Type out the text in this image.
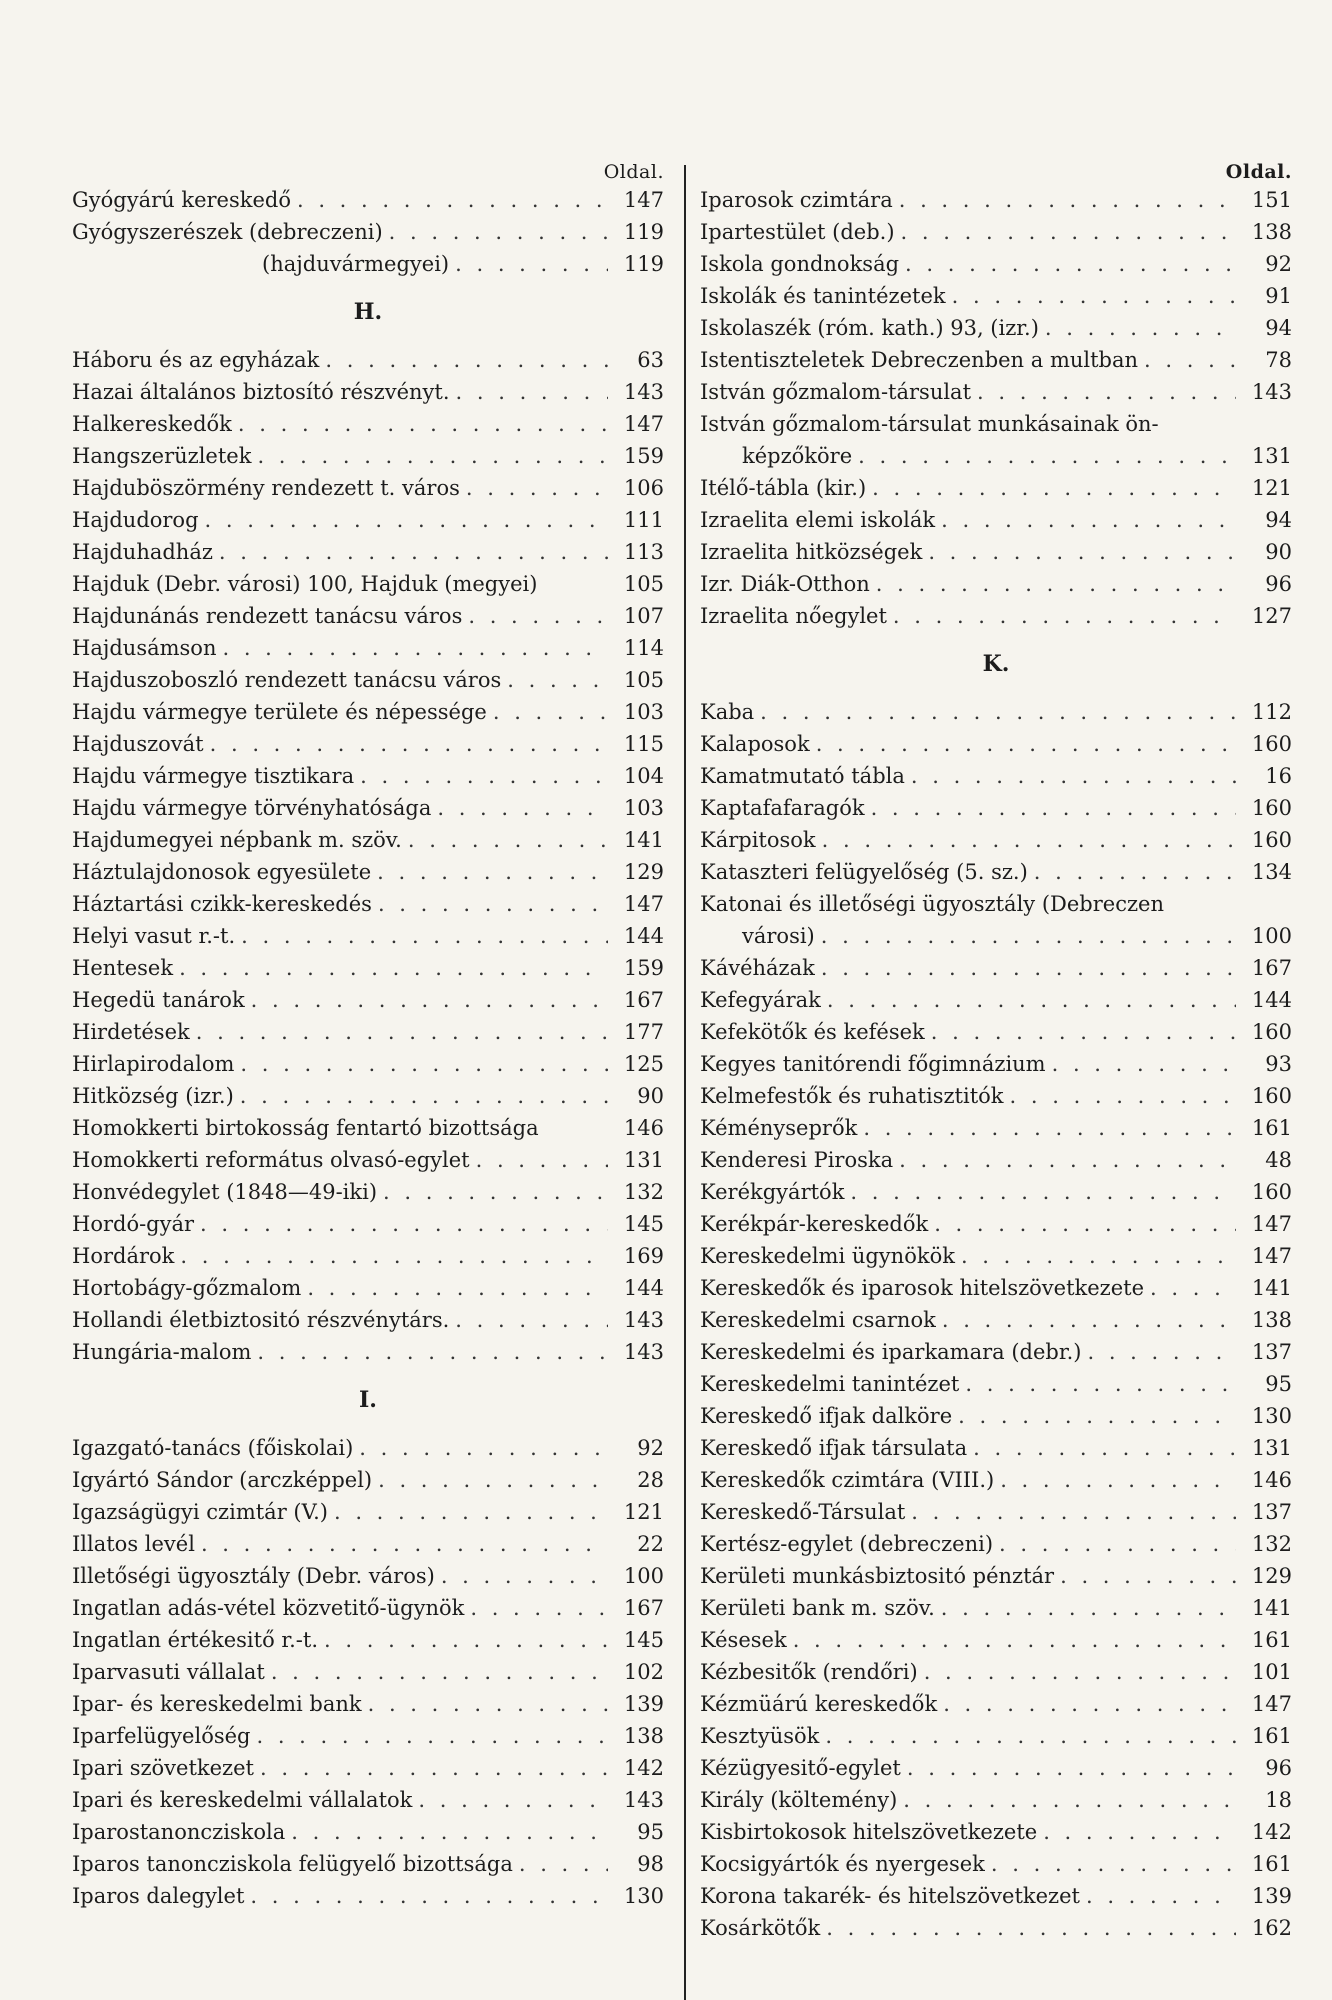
Oldal.
Gyógyárú kereskedő . . .	147
Gyógyszerészek (debreczeni) . . .	119
(hajduvármegyei) . . .	119
H.
Háboru és az egyházak . . .	63
Hazai általános biztosító részvényt. . . .	143
Halkereskedők . . .	147
Hangszerüzletek . . .	159
Hajduböszörmény rendezett t. város . . .	106
Hajdudorog . . .	111
Hajduhadház . . .	113
Hajduk (Debr. városi) 100, Hajduk (megyei)	105
Hajdunánás rendezett tanácsu város . . .	107
Hajdusámson . . .	114
Hajduszoboszló rendezett tanácsu város . . .	105
Hajdu vármegye területe és népessége . . .	103
Hajduszovát . . .	115
Hajdu vármegye tisztikara . . .	104
Hajdu vármegye törvényhatósága . . .	103
Hajdumegyei népbank m. szöv. . . .	141
Háztulajdonosok egyesülete . . .	129
Háztartási czikk-kereskedés . . .	147
Helyi vasut r.-t. . . .	144
Hentesek . . .	159
Hegedü tanárok . . .	167
Hirdetések . . .	177
Hirlapirodalom . . .	125
Hitközség (izr.) . . .	90
Homokkerti birtokosság fentartó bizottsága	146
Homokkerti református olvasó-egylet . . .	131
Honvédegylet (1848—49-iki) . . .	132
Hordó-gyár . . .	145
Hordárok . . .	169
Hortobágy-gőzmalom . . .	144
Hollandi életbiztositó részvénytárs. . . .	143
Hungária-malom . . .	143
I.
Igazgató-tanács (főiskolai) . . .	92
Igyártó Sándor (arczképpel) . . .	28
Igazságügyi czimtár (V.) . . .	121
Illatos levél . . .	22
Illetőségi ügyosztály (Debr. város) . . .	100
Ingatlan adás-vétel közvetitő-ügynök . . .	167
Ingatlan értékesitő r.-t. . . .	145
Iparvasuti vállalat . . .	102
Ipar- és kereskedelmi bank . . .	139
Iparfelügyelőség . . .	138
Ipari szövetkezet . . .	142
Ipari és kereskedelmi vállalatok . . .	143
Iparostanoncziskola . . .	95
Iparos tanoncziskola felügyelő bizottsága . . .	98
Iparos dalegylet . . .	130
Oldal.
Iparosok czimtára . . .	151
Ipartestület (deb.) . . .	138
Iskola gondnokság . . .	92
Iskolák és tanintézetek . . .	91
Iskolaszék (róm. kath.) 93, (izr.) . . .	94
Istentiszteletek Debreczenben a multban . . .	78
István gőzmalom-társulat . . .	143
István gőzmalom-társulat munkásainak ön-
képzőköre . . .	131
Itélő-tábla (kir.) . . .	121
Izraelita elemi iskolák . . .	94
Izraelita hitközségek . . .	90
Izr. Diák-Otthon . . .	96
Izraelita nőegylet . . .	127
K.
Kaba . . .	112
Kalaposok . . .	160
Kamatmutató tábla . . .	16
Kaptafafaragók . . .	160
Kárpitosok . . .	160
Kataszteri felügyelőség (5. sz.) . . .	134
Katonai és illetőségi ügyosztály (Debreczen
városi) . . .	100
Kávéházak . . .	167
Kefegyárak . . .	144
Kefekötők és kefések . . .	160
Kegyes tanitórendi főgimnázium . . .	93
Kelmefestők és ruhatisztitók . . .	160
Kéményseprők . . .	161
Kenderesi Piroska . . .	48
Kerékgyártók . . .	160
Kerékpár-kereskedők . . .	147
Kereskedelmi ügynökök . . .	147
Kereskedők és iparosok hitelszövetkezete . . .	141
Kereskedelmi csarnok . . .	138
Kereskedelmi és iparkamara (debr.) . . .	137
Kereskedelmi tanintézet . . .	95
Kereskedő ifjak dalköre . . .	130
Kereskedő ifjak társulata . . .	131
Kereskedők czimtára (VIII.) . . .	146
Kereskedő-Társulat . . .	137
Kertész-egylet (debreczeni) . . .	132
Kerületi munkásbiztositó pénztár . . .	129
Kerületi bank m. szöv. . . .	141
Késesek . . .	161
Kézbesitők (rendőri) . . .	101
Kézmüárú kereskedők . . .	147
Kesztyüsök . . .	161
Kézügyesitő-egylet . . .	96
Király (költemény) . . .	18
Kisbirtokosok hitelszövetkezete . . .	142
Kocsigyártók és nyergesek . . .	161
Korona takarék- és hitelszövetkezet . . .	139
Kosárkötők . . .	162
